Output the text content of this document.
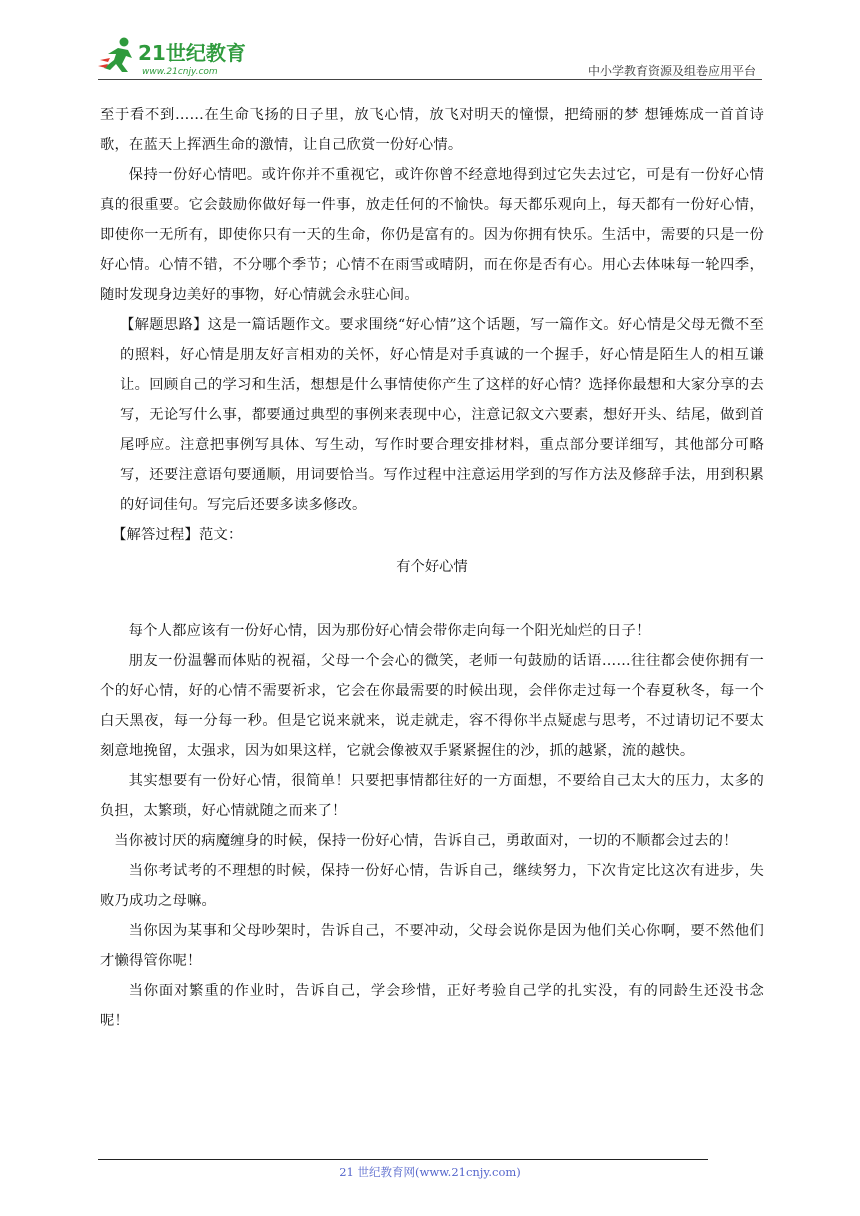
21世纪教育
www.21cnjy.com	中小学教育资源及组卷应用平台

至于看不到……在生命飞扬的日子里，放飞心情，放飞对明天的憧憬，把绮丽的梦 想锤炼成一首首诗歌，在蓝天上挥洒生命的激情，让自己欣赏一份好心情。

保持一份好心情吧。或许你并不重视它，或许你曾不经意地得到过它失去过它，可是有一份好心情真的很重要。它会鼓励你做好每一件事，放走任何的不愉快。每天都乐观向上，每天都有一份好心情，即使你一无所有，即使你只有一天的生命，你仍是富有的。因为你拥有快乐。生活中，需要的只是一份好心情。心情不错，不分哪个季节；心情不在雨雪或晴阴，而在你是否有心。用心去体味每一轮四季，随时发现身边美好的事物，好心情就会永驻心间。

【解题思路】这是一篇话题作文。要求围绕“好心情”这个话题，写一篇作文。好心情是父母无微不至的照料，好心情是朋友好言相劝的关怀，好心情是对手真诚的一个握手，好心情是陌生人的相互谦让。回顾自己的学习和生活，想想是什么事情使你产生了这样的好心情？选择你最想和大家分享的去写，无论写什么事，都要通过典型的事例来表现中心，注意记叙文六要素，想好开头、结尾，做到首尾呼应。注意把事例写具体、写生动，写作时要合理安排材料，重点部分要详细写，其他部分可略写，还要注意语句要通顺，用词要恰当。写作过程中注意运用学到的写作方法及修辞手法，用到积累的好词佳句。写完后还要多读多修改。

【解答过程】范文：

有个好心情

每个人都应该有一份好心情，因为那份好心情会带你走向每一个阳光灿烂的日子！

朋友一份温馨而体贴的祝福，父母一个会心的微笑，老师一句鼓励的话语……往往都会使你拥有一个的好心情，好的心情不需要祈求，它会在你最需要的时候出现，会伴你走过每一个春夏秋冬，每一个白天黑夜，每一分每一秒。但是它说来就来，说走就走，容不得你半点疑虑与思考，不过请切记不要太刻意地挽留，太强求，因为如果这样，它就会像被双手紧紧握住的沙，抓的越紧，流的越快。

其实想要有一份好心情，很简单！只要把事情都往好的一方面想，不要给自己太大的压力，太多的负担，太繁琐，好心情就随之而来了！

当你被讨厌的病魔缠身的时候，保持一份好心情，告诉自己，勇敢面对，一切的不顺都会过去的！

当你考试考的不理想的时候，保持一份好心情，告诉自己，继续努力，下次肯定比这次有进步，失败乃成功之母嘛。

当你因为某事和父母吵架时，告诉自己，不要冲动，父母会说你是因为他们关心你啊，要不然他们才懒得管你呢！

当你面对繁重的作业时，告诉自己，学会珍惜，正好考验自己学的扎实没，有的同龄生还没书念呢！

21 世纪教育网(www.21cnjy.com)
